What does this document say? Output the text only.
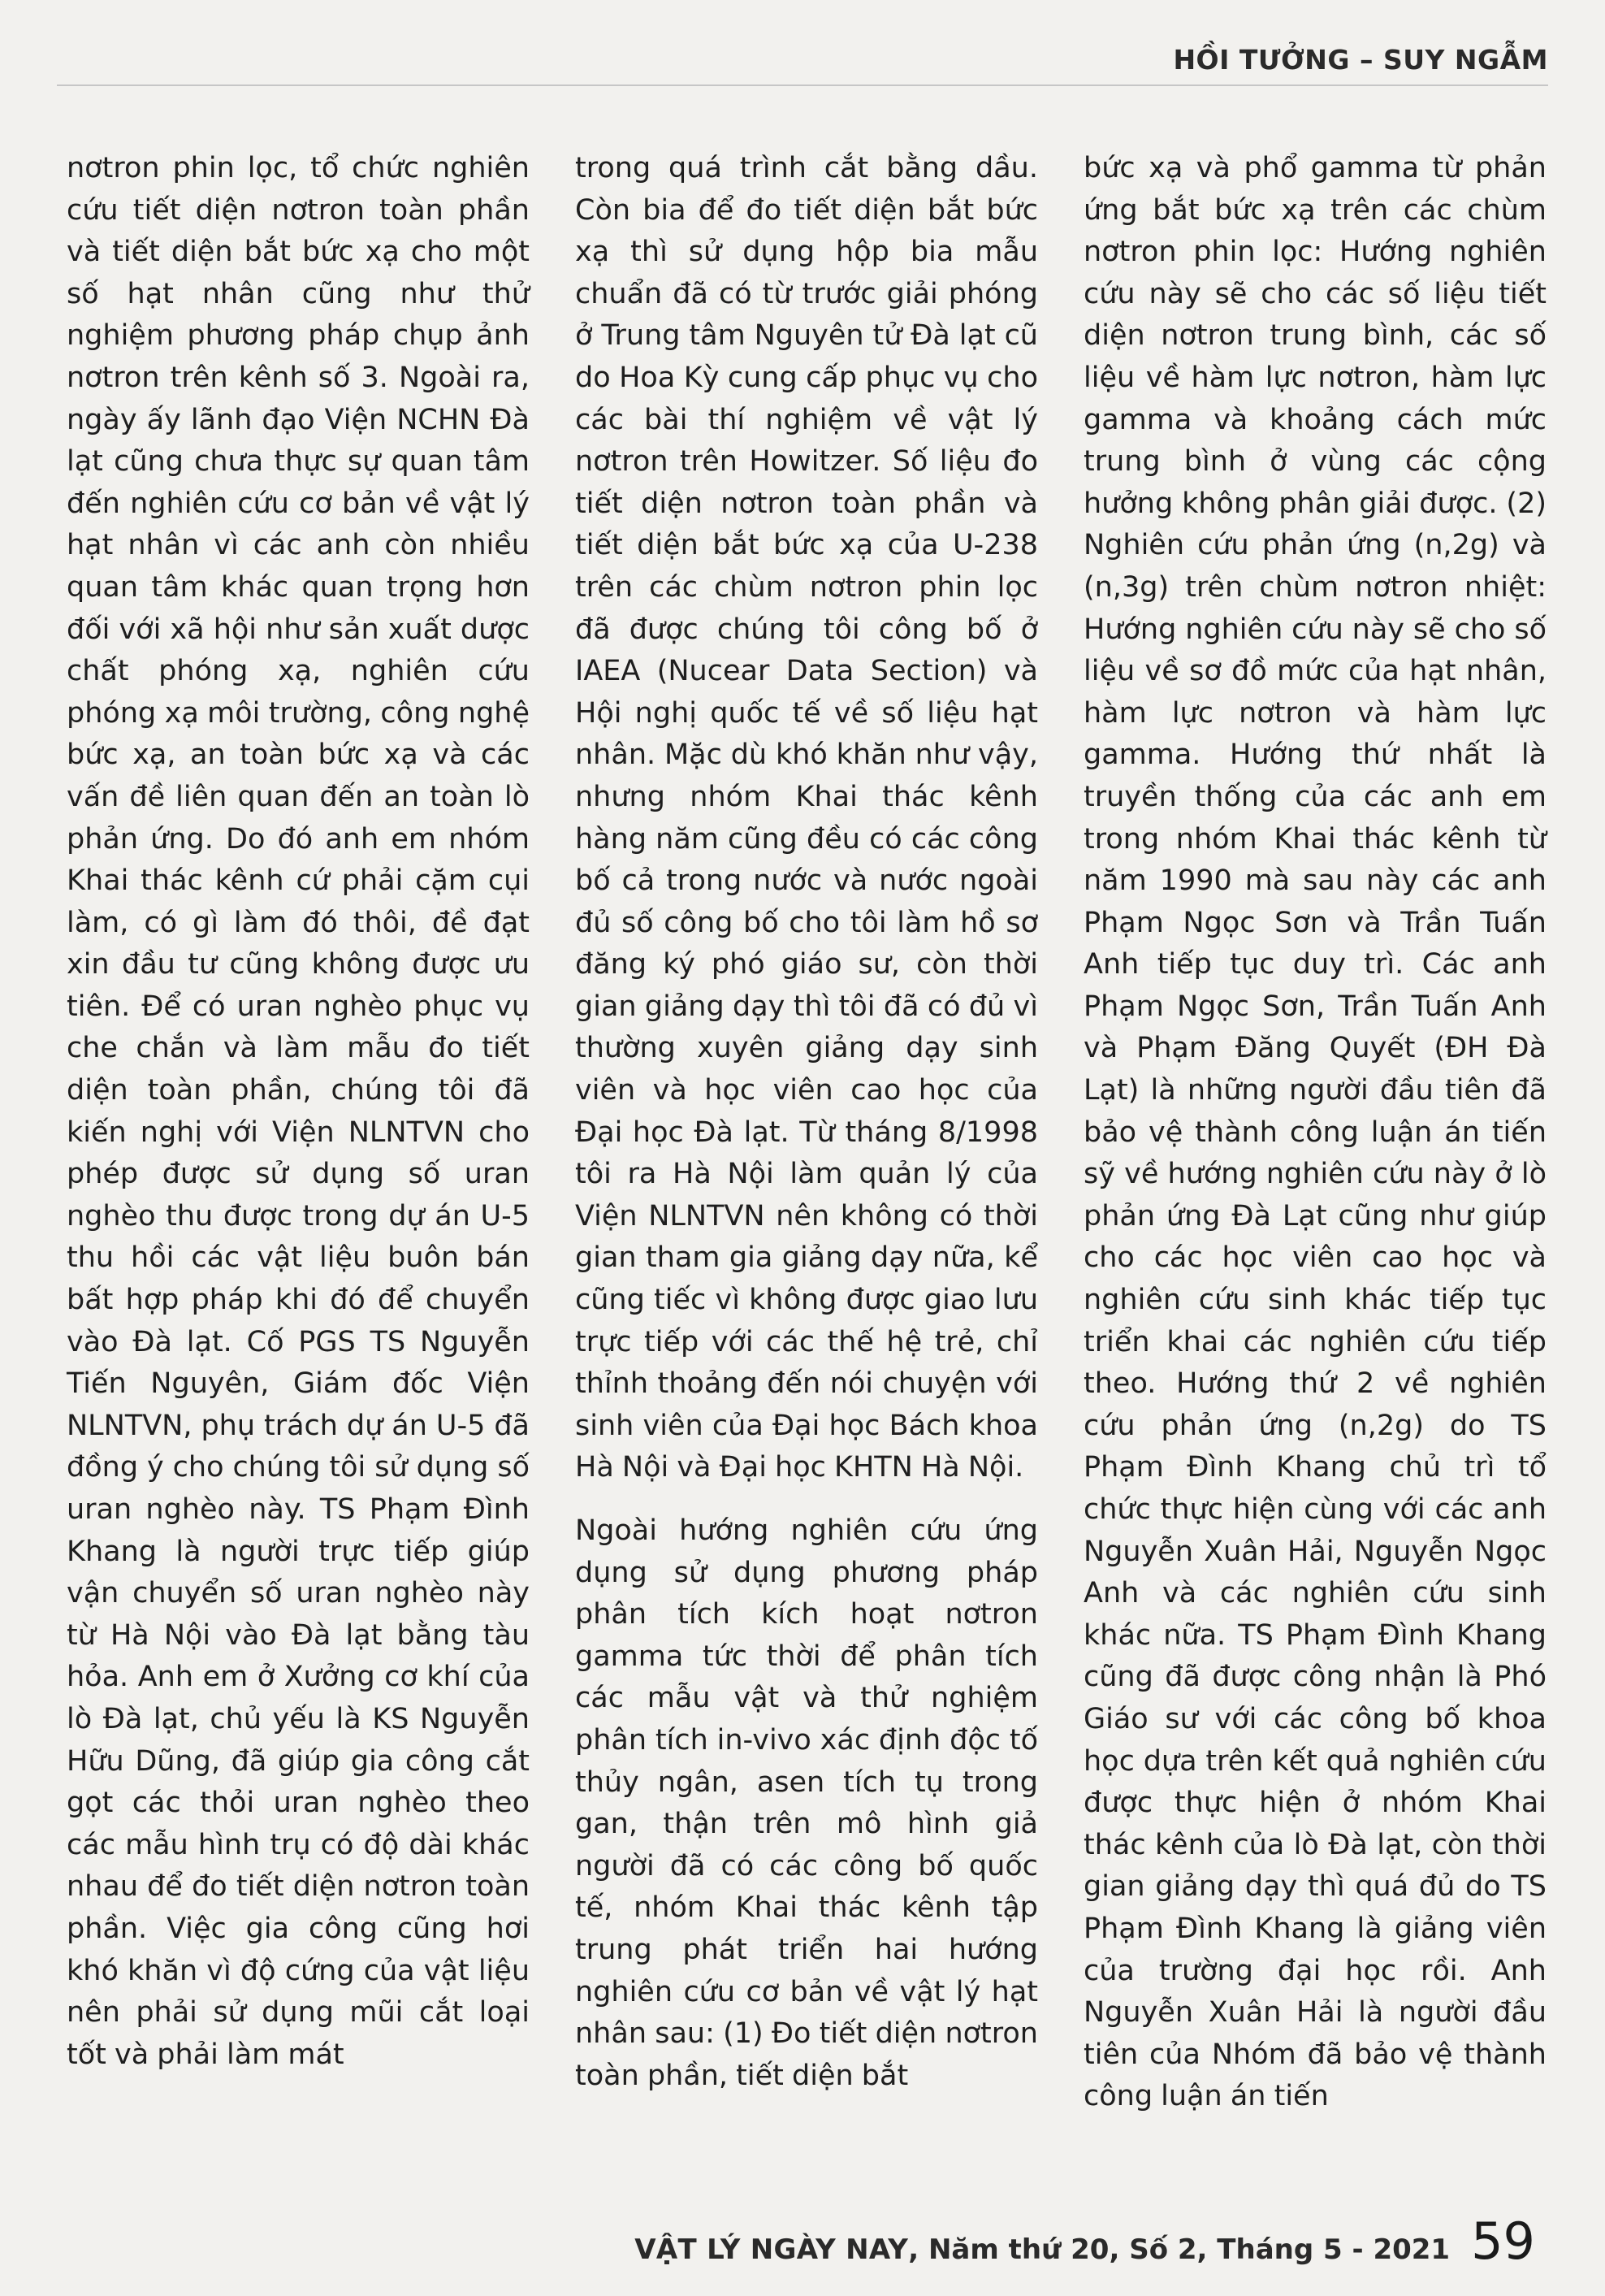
HỒI TƯỞNG – SUY NGẪM

nơtron phin lọc, tổ chức nghiên cứu tiết diện nơtron toàn phần và tiết diện bắt bức xạ cho một số hạt nhân cũng như thử nghiệm phương pháp chụp ảnh nơtron trên kênh số 3. Ngoài ra, ngày ấy lãnh đạo Viện NCHN Đà lạt cũng chưa thực sự quan tâm đến nghiên cứu cơ bản về vật lý hạt nhân vì các anh còn nhiều quan tâm khác quan trọng hơn đối với xã hội như sản xuất dược chất phóng xạ, nghiên cứu phóng xạ môi trường, công nghệ bức xạ, an toàn bức xạ và các vấn đề liên quan đến an toàn lò phản ứng. Do đó anh em nhóm Khai thác kênh cứ phải cặm cụi làm, có gì làm đó thôi, đề đạt xin đầu tư cũng không được ưu tiên. Để có uran nghèo phục vụ che chắn và làm mẫu đo tiết diện toàn phần, chúng tôi đã kiến nghị với Viện NLNTVN cho phép được sử dụng số uran nghèo thu được trong dự án U-5 thu hồi các vật liệu buôn bán bất hợp pháp khi đó để chuyển vào Đà lạt. Cố PGS TS Nguyễn Tiến Nguyên, Giám đốc Viện NLNTVN, phụ trách dự án U-5 đã đồng ý cho chúng tôi sử dụng số uran nghèo này. TS Phạm Đình Khang là người trực tiếp giúp vận chuyển số uran nghèo này từ Hà Nội vào Đà lạt bằng tàu hỏa. Anh em ở Xưởng cơ khí của lò Đà lạt, chủ yếu là KS Nguyễn Hữu Dũng, đã giúp gia công cắt gọt các thỏi uran nghèo theo các mẫu hình trụ có độ dài khác nhau để đo tiết diện nơtron toàn phần. Việc gia công cũng hơi khó khăn vì độ cứng của vật liệu nên phải sử dụng mũi cắt loại tốt và phải làm mát

trong quá trình cắt bằng dầu. Còn bia để đo tiết diện bắt bức xạ thì sử dụng hộp bia mẫu chuẩn đã có từ trước giải phóng ở Trung tâm Nguyên tử Đà lạt cũ do Hoa Kỳ cung cấp phục vụ cho các bài thí nghiệm về vật lý nơtron trên Howitzer. Số liệu đo tiết diện nơtron toàn phần và tiết diện bắt bức xạ của U-238 trên các chùm nơtron phin lọc đã được chúng tôi công bố ở IAEA (Nucear Data Section) và Hội nghị quốc tế về số liệu hạt nhân. Mặc dù khó khăn như vậy, nhưng nhóm Khai thác kênh hàng năm cũng đều có các công bố cả trong nước và nước ngoài đủ số công bố cho tôi làm hồ sơ đăng ký phó giáo sư, còn thời gian giảng dạy thì tôi đã có đủ vì thường xuyên giảng dạy sinh viên và học viên cao học của Đại học Đà lạt. Từ tháng 8/1998 tôi ra Hà Nội làm quản lý của Viện NLNTVN nên không có thời gian tham gia giảng dạy nữa, kể cũng tiếc vì không được giao lưu trực tiếp với các thế hệ trẻ, chỉ thỉnh thoảng đến nói chuyện với sinh viên của Đại học Bách khoa Hà Nội và Đại học KHTN Hà Nội.

Ngoài hướng nghiên cứu ứng dụng sử dụng phương pháp phân tích kích hoạt nơtron gamma tức thời để phân tích các mẫu vật và thử nghiệm phân tích in-vivo xác định độc tố thủy ngân, asen tích tụ trong gan, thận trên mô hình giả người đã có các công bố quốc tế, nhóm Khai thác kênh tập trung phát triển hai hướng nghiên cứu cơ bản về vật lý hạt nhân sau: (1) Đo tiết diện nơtron toàn phần, tiết diện bắt

bức xạ và phổ gamma từ phản ứng bắt bức xạ trên các chùm nơtron phin lọc: Hướng nghiên cứu này sẽ cho các số liệu tiết diện nơtron trung bình, các số liệu về hàm lực nơtron, hàm lực gamma và khoảng cách mức trung bình ở vùng các cộng hưởng không phân giải được. (2) Nghiên cứu phản ứng (n,2g) và (n,3g) trên chùm nơtron nhiệt: Hướng nghiên cứu này sẽ cho số liệu về sơ đồ mức của hạt nhân, hàm lực nơtron và hàm lực gamma. Hướng thứ nhất là truyền thống của các anh em trong nhóm Khai thác kênh từ năm 1990 mà sau này các anh Phạm Ngọc Sơn và Trần Tuấn Anh tiếp tục duy trì. Các anh Phạm Ngọc Sơn, Trần Tuấn Anh và Phạm Đăng Quyết (ĐH Đà Lạt) là những người đầu tiên đã bảo vệ thành công luận án tiến sỹ về hướng nghiên cứu này ở lò phản ứng Đà Lạt cũng như giúp cho các học viên cao học và nghiên cứu sinh khác tiếp tục triển khai các nghiên cứu tiếp theo. Hướng thứ 2 về nghiên cứu phản ứng (n,2g) do TS Phạm Đình Khang chủ trì tổ chức thực hiện cùng với các anh Nguyễn Xuân Hải, Nguyễn Ngọc Anh và các nghiên cứu sinh khác nữa. TS Phạm Đình Khang cũng đã được công nhận là Phó Giáo sư với các công bố khoa học dựa trên kết quả nghiên cứu được thực hiện ở nhóm Khai thác kênh của lò Đà lạt, còn thời gian giảng dạy thì quá đủ do TS Phạm Đình Khang là giảng viên của trường đại học rồi. Anh Nguyễn Xuân Hải là người đầu tiên của Nhóm đã bảo vệ thành công luận án tiến

VẬT LÝ NGÀY NAY , Năm thứ 20, Số 2, Tháng 5 - 2021 59
